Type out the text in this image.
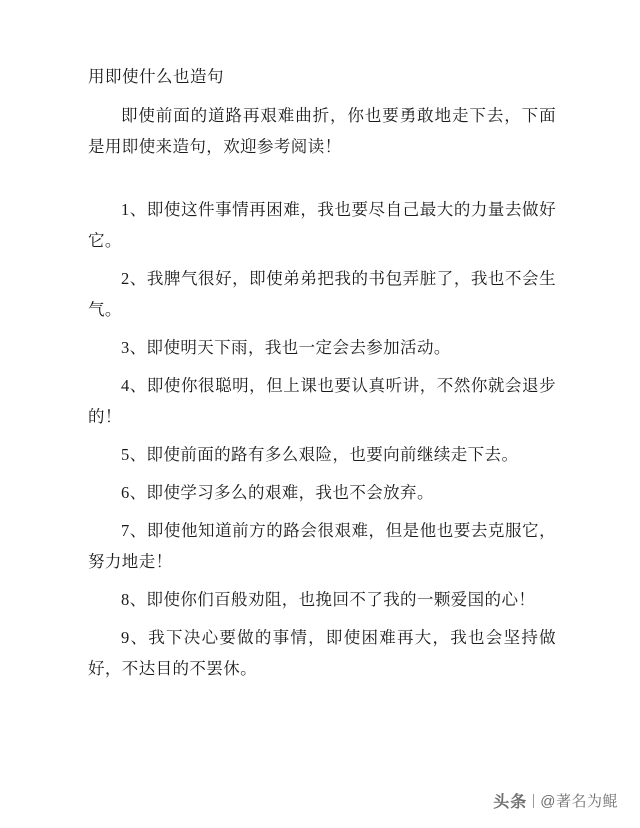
用即使什么也造句

即使前面的道路再艰难曲折，你也要勇敢地走下去，下面是用即使来造句，欢迎参考阅读！

1、即使这件事情再困难，我也要尽自己最大的力量去做好它。
2、我脾气很好，即使弟弟把我的书包弄脏了，我也不会生气。
3、即使明天下雨，我也一定会去参加活动。
4、即使你很聪明，但上课也要认真听讲，不然你就会退步的！
5、即使前面的路有多么艰险，也要向前继续走下去。
6、即使学习多么的艰难，我也不会放弃。
7、即使他知道前方的路会很艰难，但是他也要去克服它，努力地走！
8、即使你们百般劝阻，也挽回不了我的一颗爱国的心！
9、我下决心要做的事情，即使困难再大，我也会坚持做好，不达目的不罢休。
头条 @著名为鲲
